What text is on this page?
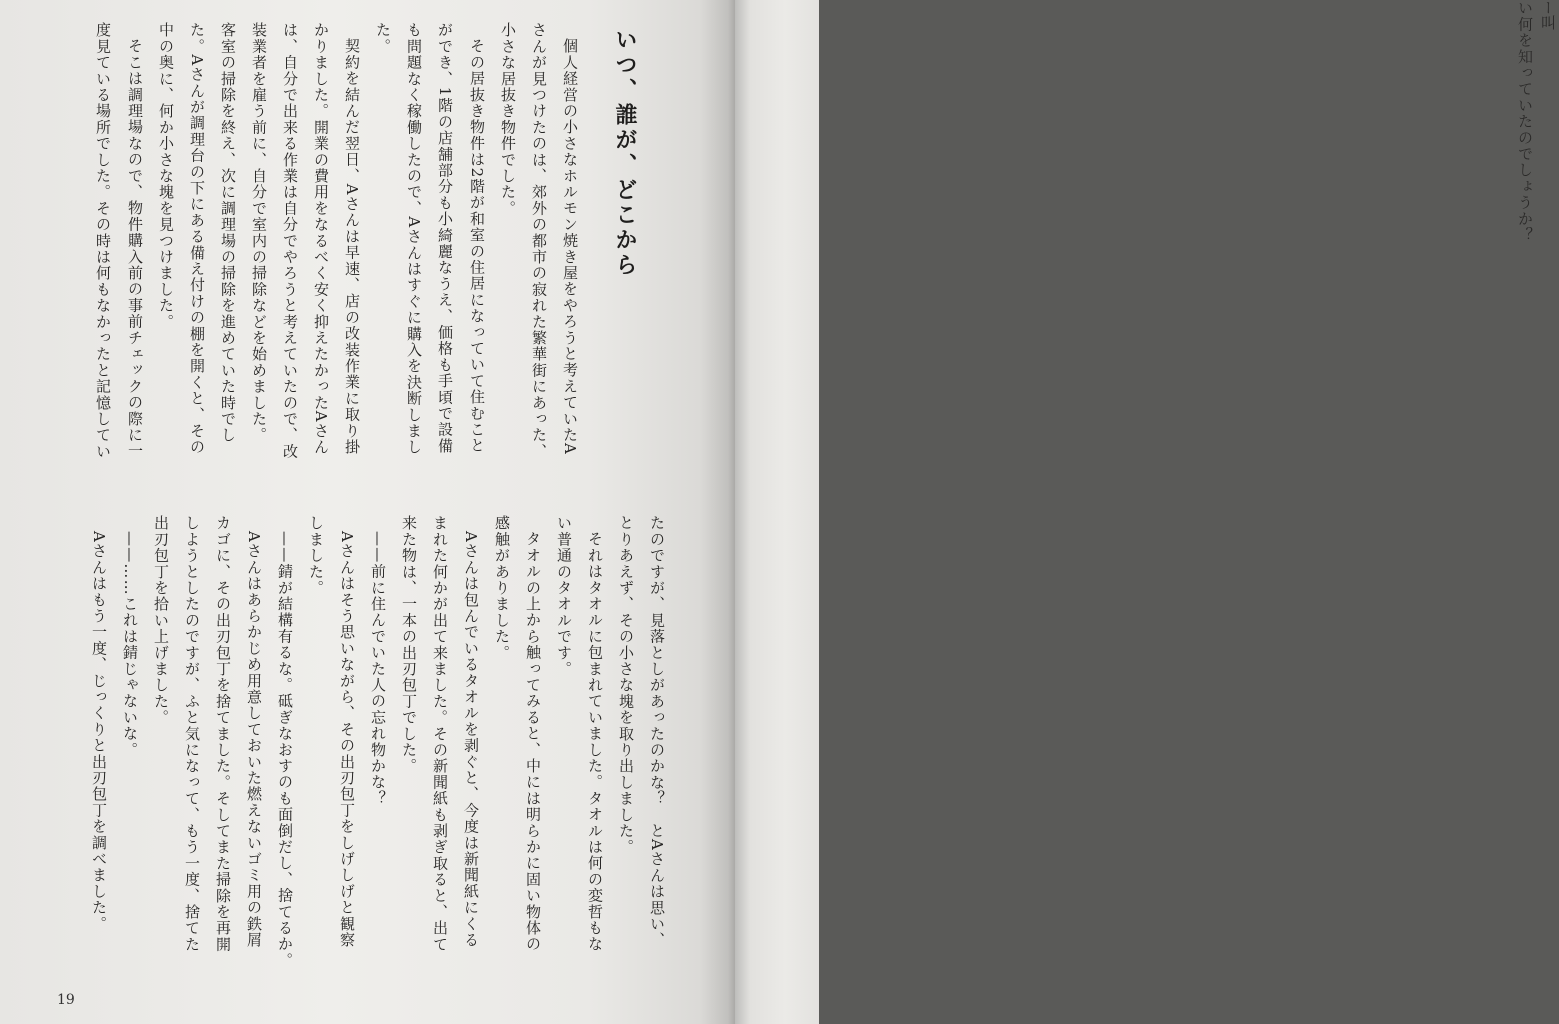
い何を知っていたのでしょうか？ ー叫
いつ、誰が、どこから

個人経営の小さなホルモン焼き屋をやろうと考えていたA

さんが見つけたのは、郊外の都市の寂れた繁華街にあった、

小さな居抜き物件でした。

その居抜き物件は2階が和室の住居になっていて住むこと

ができ、1階の店舗部分も小綺麗なうえ、価格も手頃で設備

も問題なく稼働したので、Aさんはすぐに購入を決断しまし

た。

契約を結んだ翌日、Aさんは早速、店の改装作業に取り掛

かりました。開業の費用をなるべく安く抑えたかったAさん

は、自分で出来る作業は自分でやろうと考えていたので、改

装業者を雇う前に、自分で室内の掃除などを始めました。

客室の掃除を終え、次に調理場の掃除を進めていた時でし

た。Aさんが調理台の下にある備え付けの棚を開くと、その

中の奥に、何か小さな塊を見つけました。

そこは調理場なので、物件購入前の事前チェックの際に一

度見ている場所でした。その時は何もなかったと記憶してい

たのですが、見落としがあったのかな？　とAさんは思い、

とりあえず、その小さな塊を取り出しました。

それはタオルに包まれていました。タオルは何の変哲もな

い普通のタオルです。

タオルの上から触ってみると、中には明らかに固い物体の

感触がありました。

Aさんは包んでいるタオルを剥ぐと、今度は新聞紙にくる

まれた何かが出て来ました。その新聞紙も剥ぎ取ると、出て

来た物は、一本の出刃包丁でした。

——前に住んでいた人の忘れ物かな？

Aさんはそう思いながら、その出刃包丁をしげしげと観察

しました。

——錆が結構有るな。砥ぎなおすのも面倒だし、捨てるか。

Aさんはあらかじめ用意しておいた燃えないゴミ用の鉄屑

カゴに、その出刃包丁を捨てました。そしてまた掃除を再開

しようとしたのですが、ふと気になって、もう一度、捨てた

出刃包丁を拾い上げました。

——……これは錆じゃないな。

Aさんはもう一度、じっくりと出刃包丁を調べました。

19
